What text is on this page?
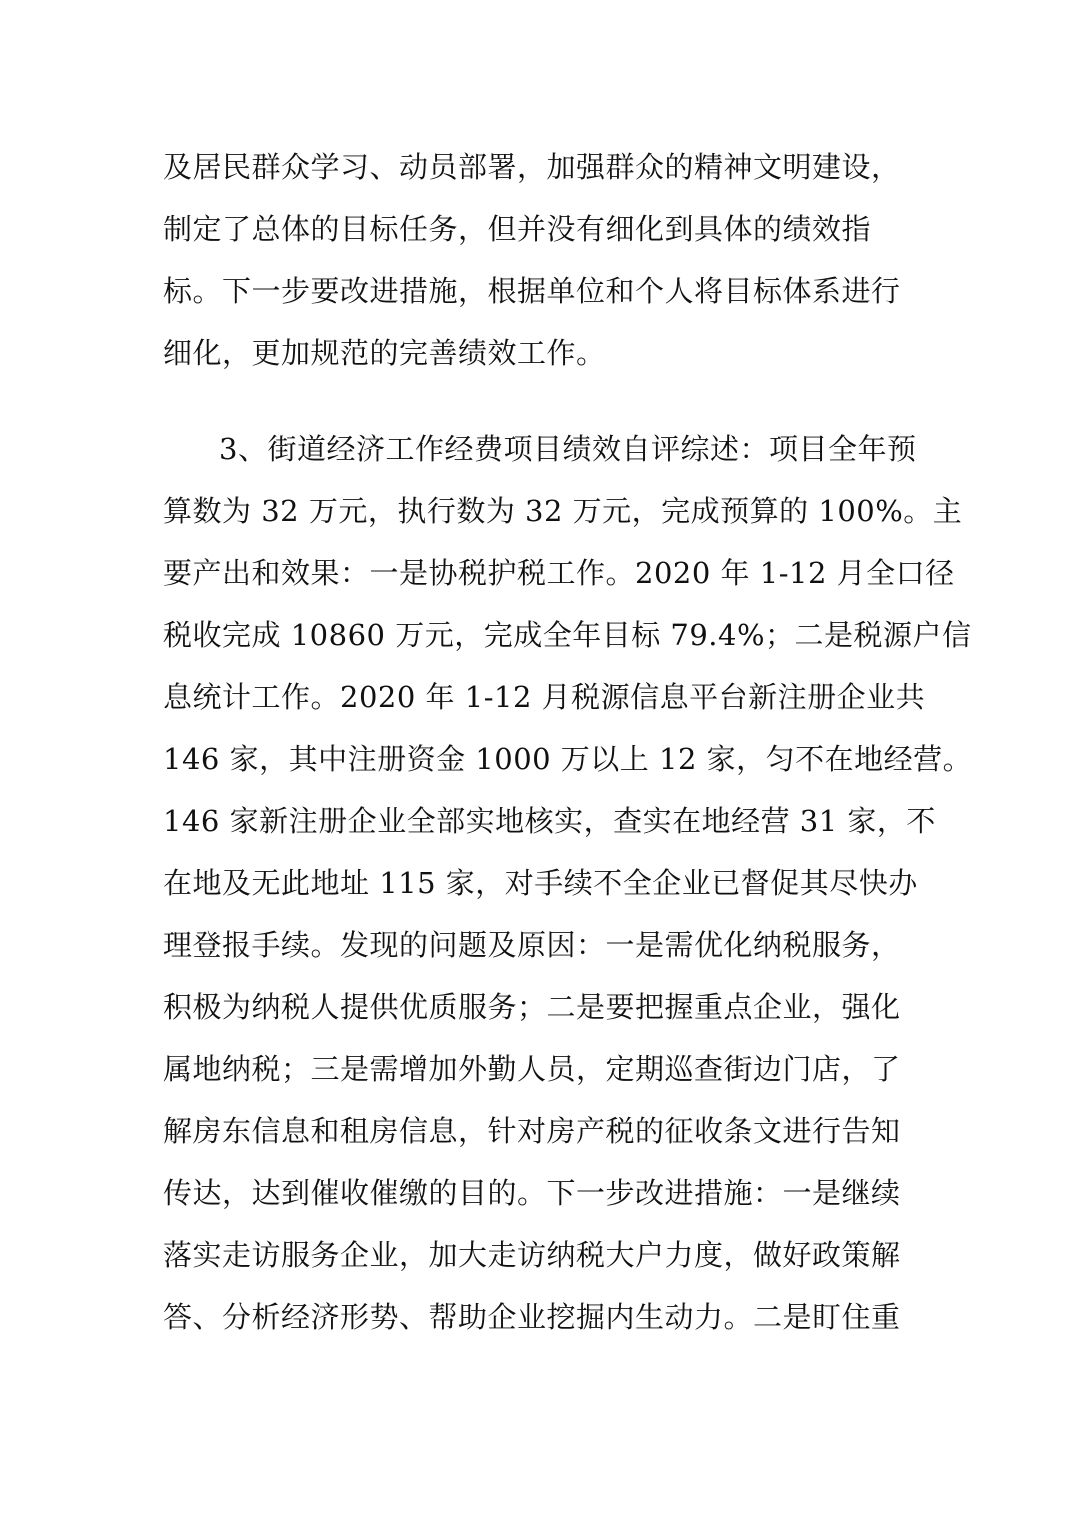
及居民群众学习、动员部署，加强群众的精神文明建设，
制定了总体的目标任务，但并没有细化到具体的绩效指
标。下一步要改进措施，根据单位和个人将目标体系进行
细化，更加规范的完善绩效工作。
3、街道经济工作经费项目绩效自评综述：项目全年预
算数为 32 万元，执行数为 32 万元，完成预算的 100%。主
要产出和效果：一是协税护税工作。2020 年 1-12 月全口径
税收完成 10860 万元，完成全年目标 79.4%；二是税源户信
息统计工作。2020 年 1-12 月税源信息平台新注册企业共
146 家，其中注册资金 1000 万以上 12 家，匀不在地经营。
146 家新注册企业全部实地核实，查实在地经营 31 家，不
在地及无此地址 115 家，对手续不全企业已督促其尽快办
理登报手续。发现的问题及原因：一是需优化纳税服务，
积极为纳税人提供优质服务；二是要把握重点企业，强化
属地纳税；三是需增加外勤人员，定期巡查街边门店，了
解房东信息和租房信息，针对房产税的征收条文进行告知
传达，达到催收催缴的目的。下一步改进措施：一是继续
落实走访服务企业，加大走访纳税大户力度，做好政策解
答、分析经济形势、帮助企业挖掘内生动力。二是盯住重
